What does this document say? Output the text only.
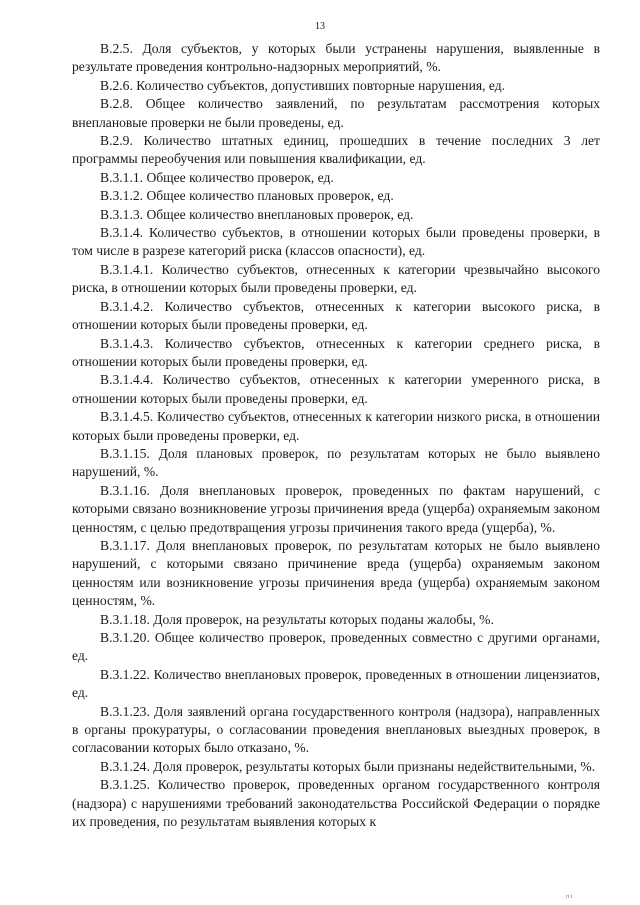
13

В.2.5. Доля субъектов, у которых были устранены нарушения, выявленные в результате проведения контрольно-надзорных мероприятий, %.

В.2.6. Количество субъектов, допустивших повторные нарушения, ед.

В.2.8. Общее количество заявлений, по результатам рассмотрения которых внеплановые проверки не были проведены, ед.

В.2.9. Количество штатных единиц, прошедших в течение последних 3 лет программы переобучения или повышения квалификации, ед.

В.3.1.1. Общее количество проверок, ед.

В.3.1.2. Общее количество плановых проверок, ед.

В.3.1.3. Общее количество внеплановых проверок, ед.

В.3.1.4. Количество субъектов, в отношении которых были проведены проверки, в том числе в разрезе категорий риска (классов опасности), ед.

В.3.1.4.1. Количество субъектов, отнесенных к категории чрезвычайно высокого риска, в отношении которых были проведены проверки, ед.

В.3.1.4.2. Количество субъектов, отнесенных к категории высокого риска, в отношении которых были проведены проверки, ед.

В.3.1.4.3. Количество субъектов, отнесенных к категории среднего риска, в отношении которых были проведены проверки, ед.

В.3.1.4.4. Количество субъектов, отнесенных к категории умеренного риска, в отношении которых были проведены проверки, ед.

В.3.1.4.5. Количество субъектов, отнесенных к категории низкого риска, в отношении которых были проведены проверки, ед.

В.3.1.15. Доля плановых проверок, по результатам которых не было выявлено нарушений, %.

В.3.1.16. Доля внеплановых проверок, проведенных по фактам нарушений, с которыми связано возникновение угрозы причинения вреда (ущерба) охраняемым законом ценностям, с целью предотвращения угрозы причинения такого вреда (ущерба), %.

В.3.1.17. Доля внеплановых проверок, по результатам которых не было выявлено нарушений, с которыми связано причинение вреда (ущерба) охраняемым законом ценностям или возникновение угрозы причинения вреда (ущерба) охраняемым законом ценностям, %.

В.3.1.18. Доля проверок, на результаты которых поданы жалобы, %.

В.3.1.20. Общее количество проверок, проведенных совместно с другими органами, ед.

В.3.1.22. Количество внеплановых проверок, проведенных в отношении лицензиатов, ед.

В.3.1.23. Доля заявлений органа государственного контроля (надзора), направленных в органы прокуратуры, о согласовании проведения внеплановых выездных проверок, в согласовании которых было отказано, %.

В.3.1.24. Доля проверок, результаты которых были признаны недействительными, %.

В.3.1.25. Количество проверок, проведенных органом государственного контроля (надзора) с нарушениями требований законодательства Российской Федерации о порядке их проведения, по результатам выявления которых к

п і
